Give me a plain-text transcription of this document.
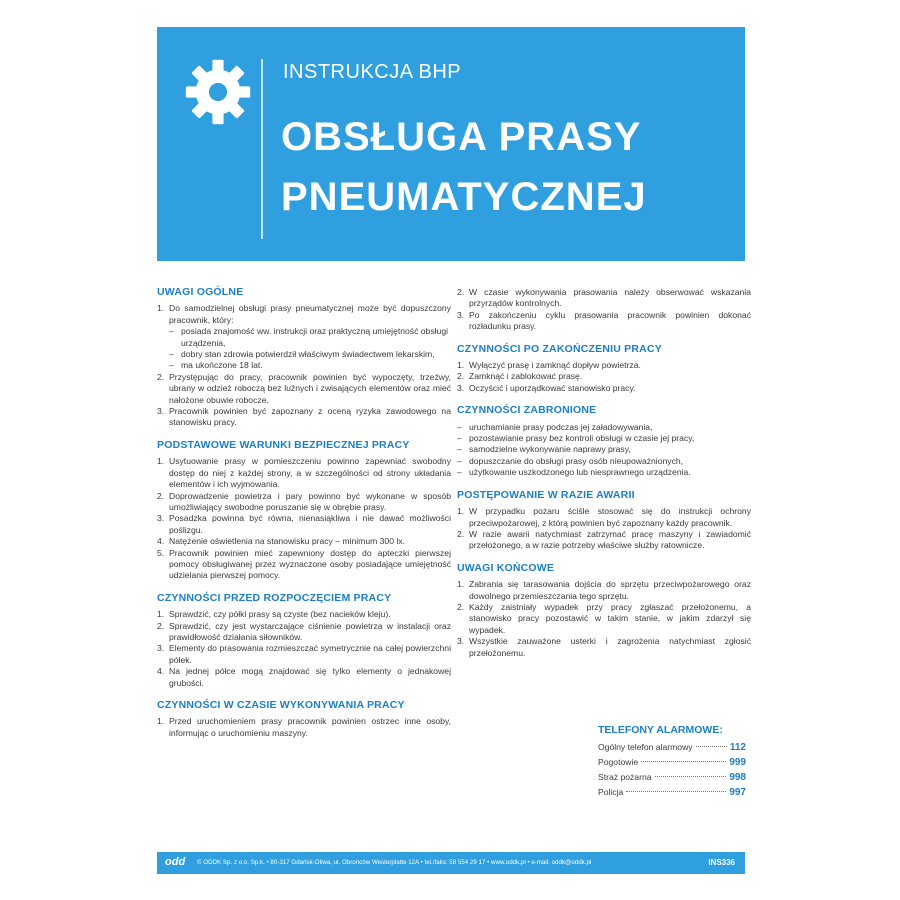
INSTRUKCJA BHP
OBSŁUGA PRASY
PNEUMATYCZNEJ
UWAGI OGÓLNE
1. Do samodzielnej obsługi prasy pneumatycznej może być dopuszczony pracownik, który:
– posiada znajomość ww. instrukcji oraz praktyczną umiejętność obsługi urządzenia,
– dobry stan zdrowia potwierdził właściwym świadectwem lekarskim,
– ma ukończone 18 lat.
2. Przystępując do pracy, pracownik powinien być wypoczęty, trzeźwy, ubrany w odzież roboczą bez luźnych i zwisających elementów oraz mieć nałożone obuwie robocze.
3. Pracownik powinien być zapoznany z oceną ryzyka zawodowego na stanowisku pracy.
PODSTAWOWE WARUNKI BEZPIECZNEJ PRACY
1. Usytuowanie prasy w pomieszczeniu powinno zapewniać swobodny dostęp do niej z każdej strony, a w szczególności od strony układania elementów i ich wyjmowania.
2. Doprowadzenie powietrza i pary powinno być wykonane w sposób umożliwiający swobodne poruszanie się w obrębie prasy.
3. Posadzka powinna być równa, nienasiąkliwa i nie dawać możliwości poślizgu.
4. Natężenie oświetlenia na stanowisku pracy – minimum 300 lx.
5. Pracownik powinien mieć zapewniony dostęp do apteczki pierwszej pomocy obsługiwanej przez wyznaczone osoby posiadające umiejętność udzielania pierwszej pomocy.
CZYNNOŚCI PRZED ROZPOCZĘCIEM PRACY
1. Sprawdzić, czy półki prasy są czyste (bez nacieków kleju).
2. Sprawdzić, czy jest wystarczające ciśnienie powietrza w instalacji oraz prawidłowość działania siłowników.
3. Elementy do prasowania rozmieszczać symetrycznie na całej powierzchni półek.
4. Na jednej półce mogą znajdować się tylko elementy o jednakowej grubości.
CZYNNOŚCI W CZASIE WYKONYWANIA PRACY
1. Przed uruchomieniem prasy pracownik powinien ostrzec inne osoby, informując o uruchomieniu maszyny.
2. W czasie wykonywania prasowania należy obserwować wskazania przyrządów kontrolnych.
3. Po zakończeniu cyklu prasowania pracownik powinien dokonać rozładunku prasy.
CZYNNOŚCI PO ZAKOŃCZENIU PRACY
1. Wyłączyć prasę i zamknąć dopływ powietrza.
2. Zamknąć i zablokować prasę.
3. Oczyścić i uporządkować stanowisko pracy.
CZYNNOŚCI ZABRONIONE
– uruchamianie prasy podczas jej załadowywania,
– pozostawianie prasy bez kontroli obsługi w czasie jej pracy,
– samodzielne wykonywanie naprawy prasy,
– dopuszczanie do obsługi prasy osób nieupoważnionych,
– użytkowanie uszkodzonego lub niesprawnego urządzenia.
POSTĘPOWANIE W RAZIE AWARII
1. W przypadku pożaru ściśle stosować się do instrukcji ochrony przeciwpożarowej, z którą powinien być zapoznany każdy pracownik.
2. W razie awarii natychmiast zatrzymać pracę maszyny i zawiadomić przełożonego, a w razie potrzeby właściwe służby ratownicze.
UWAGI KOŃCOWE
1. Zabrania się tarasowania dojścia do sprzętu przeciwpożarowego oraz dowolnego przemieszczania tego sprzętu.
2. Każdy zaistniały wypadek przy pracy zgłaszać przełożonemu, a stanowisko pracy pozostawić w takim stanie, w jakim zdarzył się wypadek.
3. Wszystkie zauważone usterki i zagrożenia natychmiast zgłosić przełożonemu.
TELEFONY ALARMOWE:
Ogólny telefon alarmowy	112
Pogotowie	999
Straż pożarna	998
Policja	997
odd © ODDK Sp. z o.o. Sp.k. • 80-317 Gdańsk-Oliwa, ul. Obrońców Westerplatte 12A • tel./faks: 58 554 29 17 • www.oddk.pl • e-mail: oddk@oddk.pl	INS336
